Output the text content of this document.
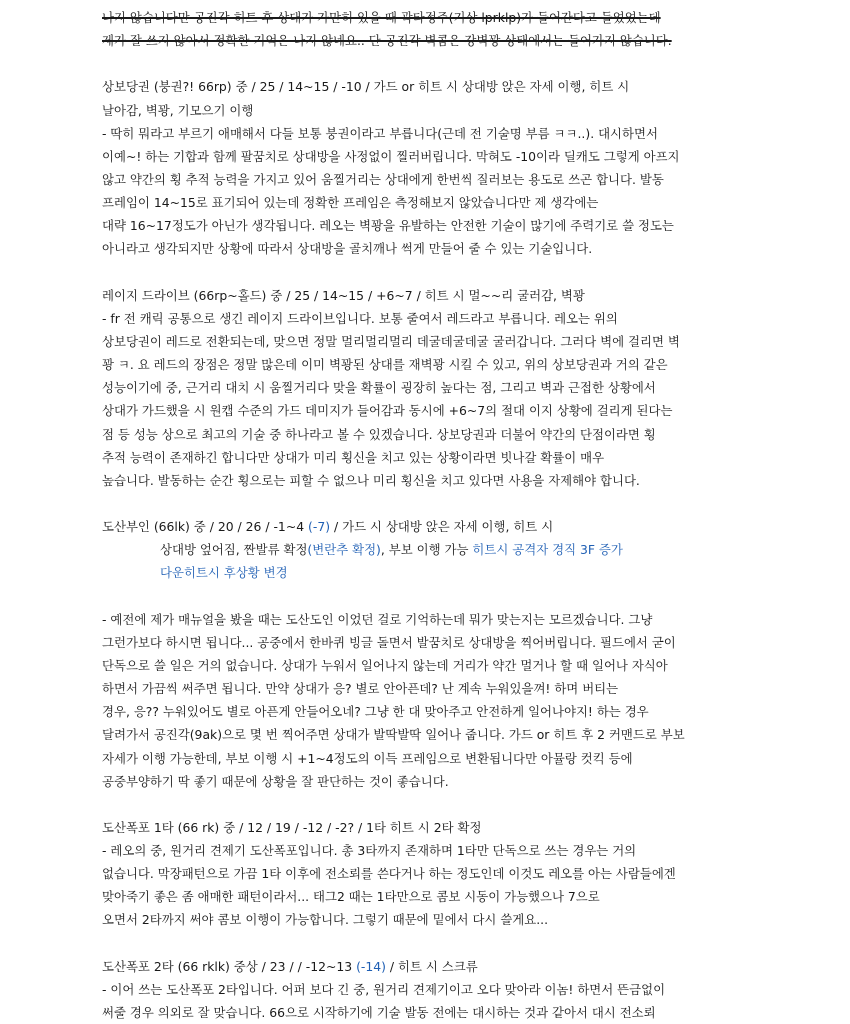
나지 않습니다만 공진각 히트 후 상대가 가만히 있을 때 곽타정주(기상 lprklp)가 들어간다고 들었었는데
제가 잘 쓰지 않아서 정확한 기억은 나지 않네요.. 단 공진각 벽콤은 강벽꽝 상태에서는 들어가지 않습니다.
상보당권 (붕권?! 66rp) 중 / 25 / 14~15 / -10 / 가드 or 히트 시 상대방 앉은 자세 이행, 히트 시
날아감, 벽꽝, 기모으기 이행
- 딱히 뭐라고 부르기 애매해서 다들 보통 붕권이라고 부릅니다(근데 전 기술명 부름 ㅋㅋ..). 대시하면서
이예~! 하는 기합과 함께 팔꿈치로 상대방을 사정없이 찔러버립니다. 막혀도 -10이라 딜캐도 그렇게 아프지
않고 약간의 횡 추적 능력을 가지고 있어 움찔거리는 상대에게 한번씩 질러보는 용도로 쓰곤 합니다. 발동
프레임이 14~15로 표기되어 있는데 정확한 프레임은 측정해보지 않았습니다만 제 생각에는
대략 16~17정도가 아닌가 생각됩니다. 레오는 벽꽝을 유발하는 안전한 기술이 많기에 주력기로 쓸 정도는
아니라고 생각되지만 상황에 따라서 상대방을 골치깨나 썩게 만들어 줄 수 있는 기술입니다.
레이지 드라이브 (66rp~홀드) 중 / 25 / 14~15 / +6~7 / 히트 시 멀~~리 굴러감, 벽꽝
- fr 전 캐릭 공통으로 생긴 레이지 드라이브입니다. 보통 줄여서 레드라고 부릅니다. 레오는 위의
상보당권이 레드로 전환되는데, 맞으면 정말 멀리멀리멀리 데굴데굴데굴 굴러갑니다. 그러다 벽에 걸리면 벽
꽝 ㅋ. 요 레드의 장점은 정말 많은데 이미 벽꽝된 상대를 재벽꽝 시킬 수 있고, 위의 상보당권과 거의 같은
성능이기에 중, 근거리 대치 시 움찔거리다 맞을 확률이 굉장히 높다는 점, 그리고 벽과 근접한 상황에서
상대가 가드했을 시 원캡 수준의 가드 데미지가 들어감과 동시에 +6~7의 절대 이지 상황에 걸리게 된다는
점 등 성능 상으로 최고의 기술 중 하나라고 볼 수 있겠습니다. 상보당권과 더불어 약간의 단점이라면 횡
추적 능력이 존재하긴 합니다만 상대가 미리 횡신을 치고 있는 상황이라면 빗나갈 확률이 매우
높습니다. 발동하는 순간 횡으로는 피할 수 없으나 미리 횡신을 치고 있다면 사용을 자제해야 합니다.
도산부인 (66lk) 중 / 20 / 26 / -1~4 (-7) / 가드 시 상대방 앉은 자세 이행, 히트 시
상대방 엎어짐, 짠발류 확정(변란추 확정), 부보 이행 가능 히트시 공격자 경직 3F 증가
다운히트시 후상황 변경
- 예전에 제가 매뉴얼을 봤을 때는 도산도인 이었던 걸로 기억하는데 뭐가 맞는지는 모르겠습니다. 그냥
그런가보다 하시면 됩니다... 공중에서 한바퀴 빙글 돌면서 발꿈치로 상대방을 찍어버립니다. 필드에서 굳이
단독으로 쓸 일은 거의 없습니다. 상대가 누워서 일어나지 않는데 거리가 약간 멀거나 할 때 일어나 자식아
하면서 가끔씩 써주면 됩니다. 만약 상대가 응? 별로 안아픈데? 난 계속 누워있을껴! 하며 버티는
경우, 응?? 누워있어도 별로 아픈게 안들어오네? 그냥 한 대 맞아주고 안전하게 일어나야지! 하는 경우
달려가서 공진각(9ak)으로 몇 번 찍어주면 상대가 발딱발딱 일어나 줍니다. 가드 or 히트 후 2 커맨드로 부보
자세가 이행 가능한데, 부보 이행 시 +1~4정도의 이득 프레임으로 변환됩니다만 아뮬랑 컷킥 등에
공중부양하기 딱 좋기 때문에 상황을 잘 판단하는 것이 좋습니다.
도산폭포 1타 (66 rk) 중 / 12 / 19 / -12 / -2? / 1타 히트 시 2타 확정
- 레오의 중, 원거리 견제기 도산폭포입니다. 총 3타까지 존재하며 1타만 단독으로 쓰는 경우는 거의
없습니다. 막장패턴으로 가끔 1타 이후에 전소뢰를 쓴다거나 하는 정도인데 이것도 레오를 아는 사람들에겐
맞아죽기 좋은 좀 애매한 패턴이라서... 태그2 때는 1타만으로 콤보 시동이 가능했으나 7으로
오면서 2타까지 써야 콤보 이행이 가능합니다. 그렇기 때문에 밑에서 다시 쓸게요...
도산폭포 2타 (66 rklk) 중상 / 23 / / -12~13 (-14) / 히트 시 스크류
- 이어 쓰는 도산폭포 2타입니다. 어퍼 보다 긴 중, 원거리 견제기이고 오다 맞아라 이놈! 하면서 뜬금없이
써줄 경우 의외로 잘 맞습니다. 66으로 시작하기에 기술 발동 전에는 대시하는 것과 같아서 대시 전소뢰
